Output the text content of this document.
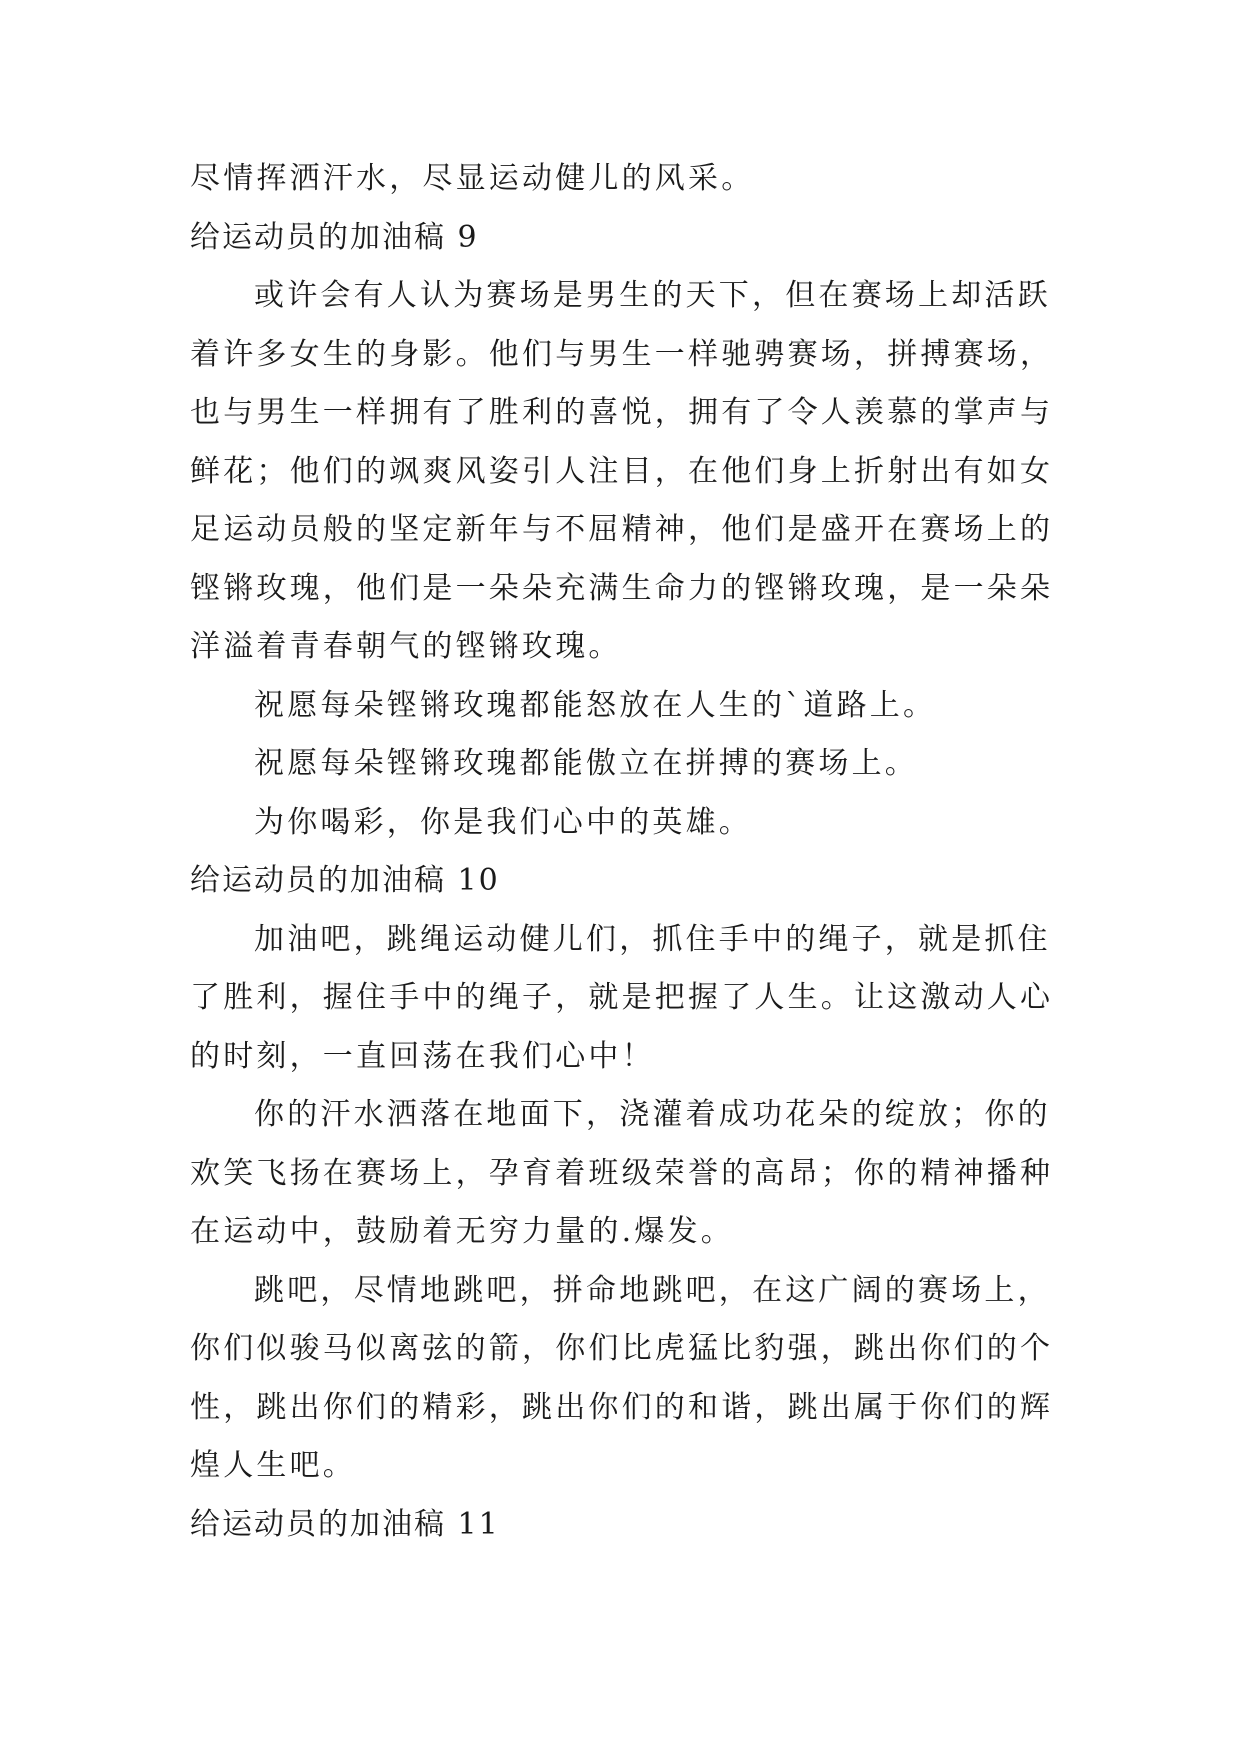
尽情挥洒汗水，尽显运动健儿的风采。
给运动员的加油稿 9
或许会有人认为赛场是男生的天下，但在赛场上却活跃
着许多女生的身影。他们与男生一样驰骋赛场，拼搏赛场，
也与男生一样拥有了胜利的喜悦，拥有了令人羡慕的掌声与
鲜花；他们的飒爽风姿引人注目，在他们身上折射出有如女
足运动员般的坚定新年与不屈精神，他们是盛开在赛场上的
铿锵玫瑰，他们是一朵朵充满生命力的铿锵玫瑰，是一朵朵
洋溢着青春朝气的铿锵玫瑰。
祝愿每朵铿锵玫瑰都能怒放在人生的`道路上。
祝愿每朵铿锵玫瑰都能傲立在拼搏的赛场上。
为你喝彩，你是我们心中的英雄。
给运动员的加油稿 10
加油吧，跳绳运动健儿们，抓住手中的绳子，就是抓住
了胜利，握住手中的绳子，就是把握了人生。让这激动人心
的时刻，一直回荡在我们心中！
你的汗水洒落在地面下，浇灌着成功花朵的绽放；你的
欢笑飞扬在赛场上，孕育着班级荣誉的高昂；你的精神播种
在运动中，鼓励着无穷力量的.爆发。
跳吧，尽情地跳吧，拼命地跳吧，在这广阔的赛场上，
你们似骏马似离弦的箭，你们比虎猛比豹强，跳出你们的个
性，跳出你们的精彩，跳出你们的和谐，跳出属于你们的辉
煌人生吧。
给运动员的加油稿 11
